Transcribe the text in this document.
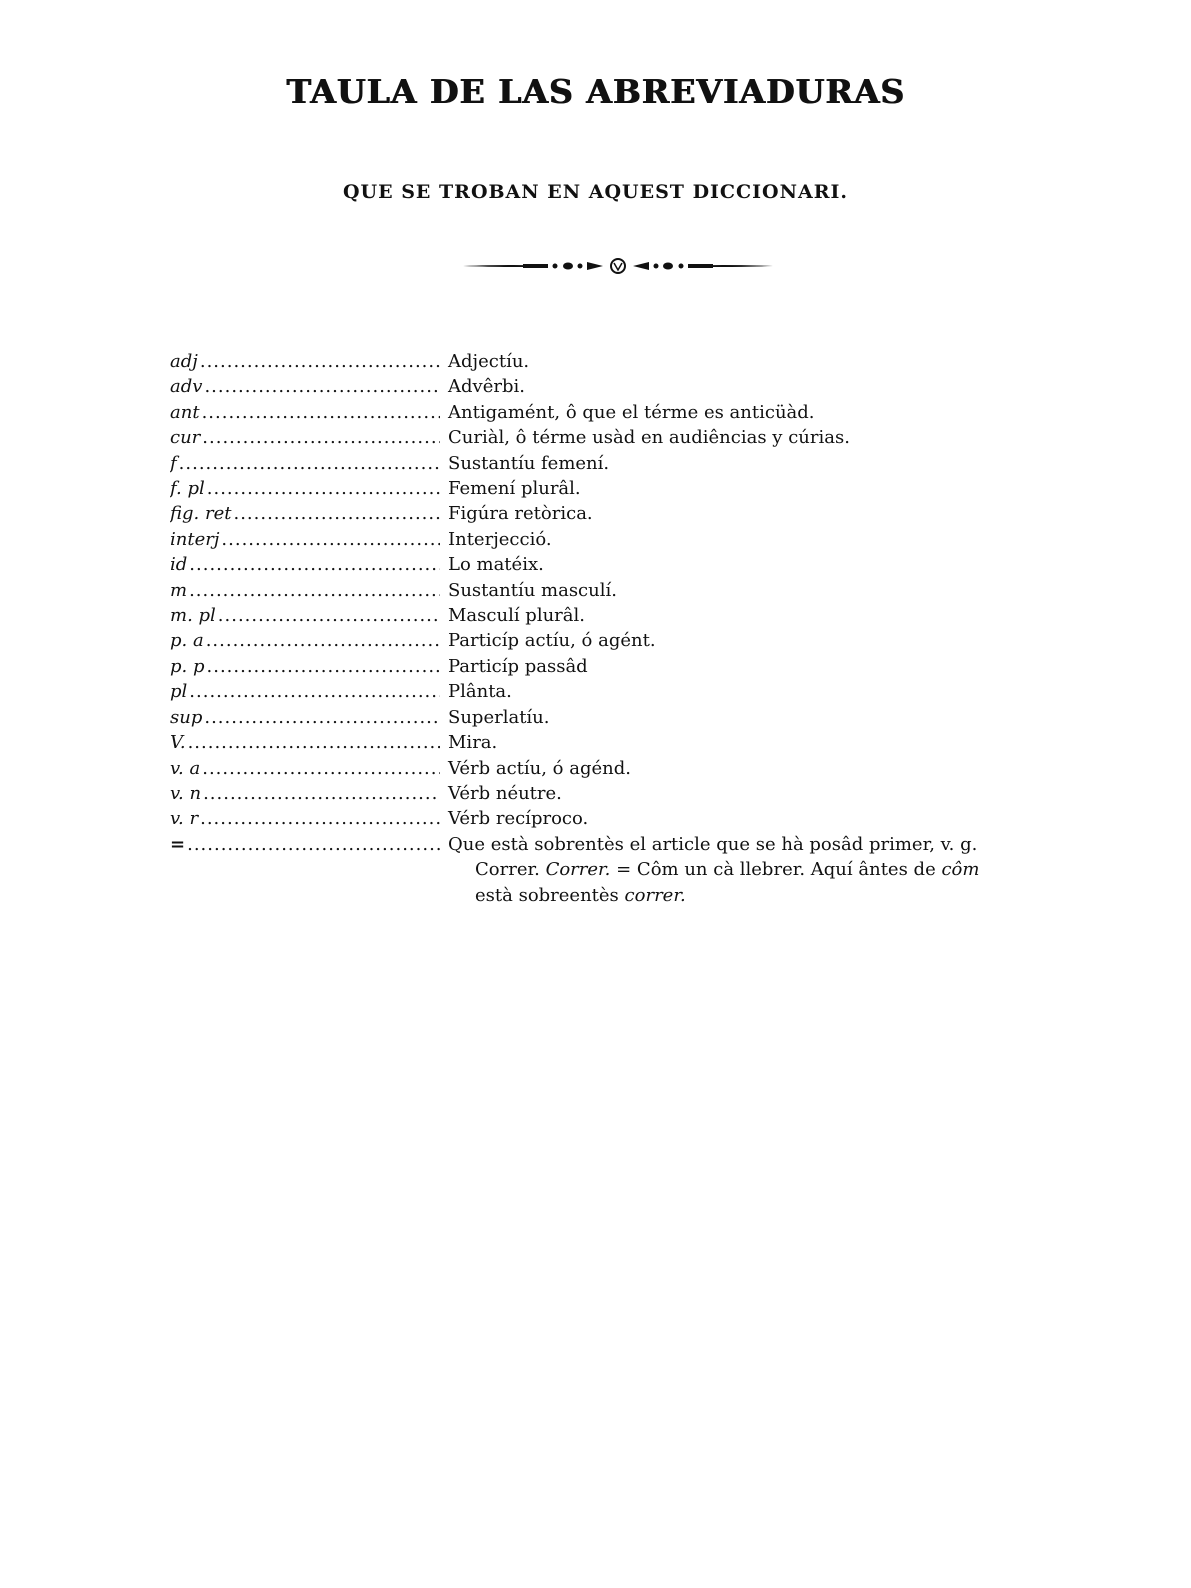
TAULA DE LAS ABREVIADURAS
QUE SE TROBAN EN AQUEST DICCIONARI.
adj .....	Adjectíu.
adv .....	Advêrbi.
ant .....	Antigamént, ô que el térme es anticüàd.
cur .....	Curiàl, ô térme usàd en audiências y cúrias.
f .....	Sustantíu femení.
f. pl .....	Femení plurâl.
fig. ret .....	Figúra retòrica.
interj .....	Interjecció.
id .....	Lo matéix.
m .....	Sustantíu masculí.
m. pl .....	Masculí plurâl.
p. a .....	Particíp actíu, ó agént.
p. p .....	Particíp passâd
pl .....	Plânta.
sup .....	Superlatíu.
V. .....	Mira.
v. a .....	Vérb actíu, ó agénd.
v. n .....	Vérb néutre.
v. r .....	Vérb recíproco.
= .....	Que està sobrentès el article que se hà posâd primer, v. g.
Correr. Correr. = Côm un cà llebrer. Aquí ântes de côm
està sobreentès correr.
